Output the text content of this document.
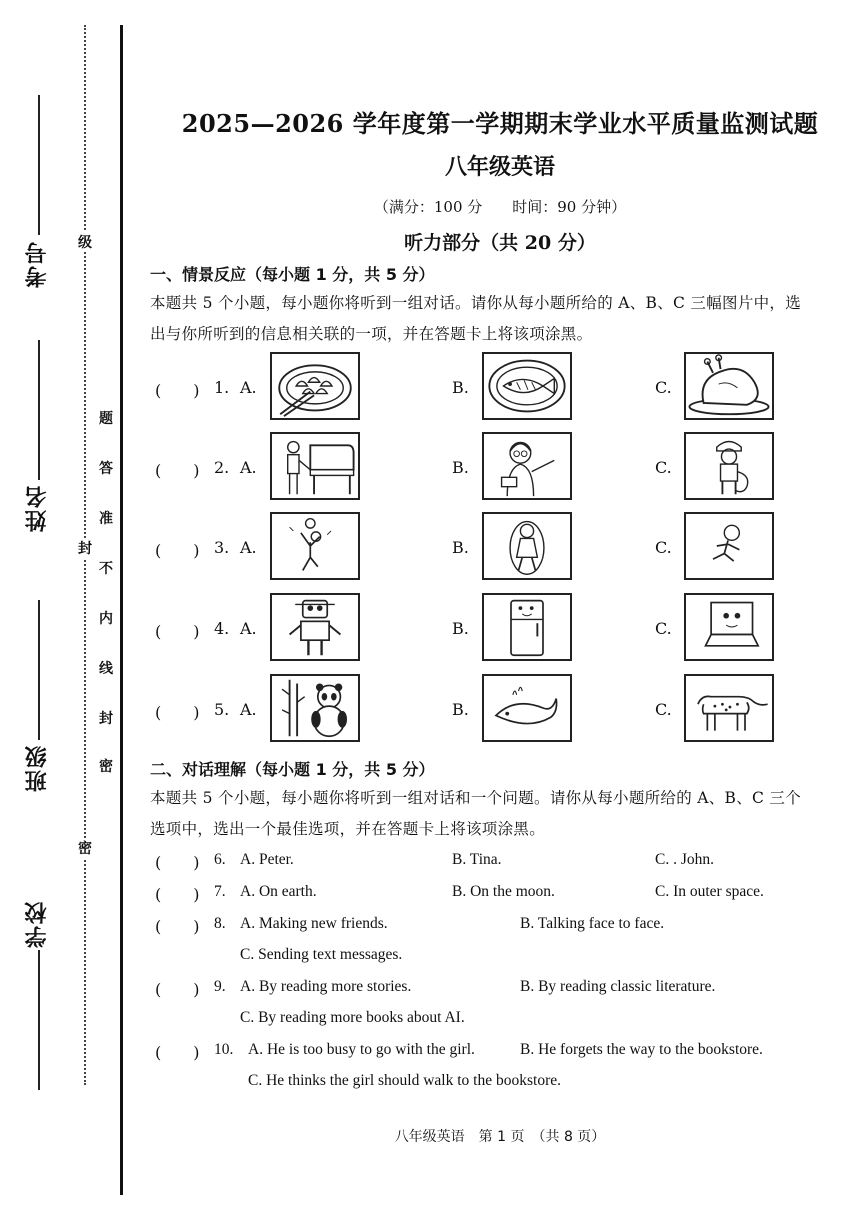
考号
姓名
班级
学校
级
封
密
题
答
准
不
内
线
封
密
2025—2026 学年度第一学期期末学业水平质量监测试题
八年级英语
（满分：100 分　　时间：90 分钟）
听力部分（共 20 分）
一、情景反应（每小题 1 分，共 5 分）
本题共 5 个小题，每小题你将听到一组对话。请你从每小题所给的 A、B、C 三幅图片中，选
出与你所听到的信息相关联的一项，并在答题卡上将该项涂黑。
(　　) 1. A.	B.	C.
(　　) 2. A.	B.	C.
(　　) 3. A.	B.	C.
(　　) 4. A.	B.	C.
(　　) 5. A.	B.	C.
二、对话理解（每小题 1 分，共 5 分）
本题共 5 个小题，每小题你将听到一组对话和一个问题。请你从每小题所给的 A、B、C 三个
选项中，选出一个最佳选项，并在答题卡上将该项涂黑。
(　　) 6. A. Peter.	B. Tina.	C. . John.
(　　) 7. A. On earth.	B. On the moon.	C. In outer space.
(　　) 8. A. Making new friends.	B. Talking face to face.
C. Sending text messages.
(　　) 9. A. By reading more stories.	B. By reading classic literature.
C. By reading more books about AI.
(　　) 10. A. He is too busy to go with the girl.	B. He forgets the way to the bookstore.
C. He thinks the girl should walk to the bookstore.
八年级英语　第 1 页　（共 8 页）
